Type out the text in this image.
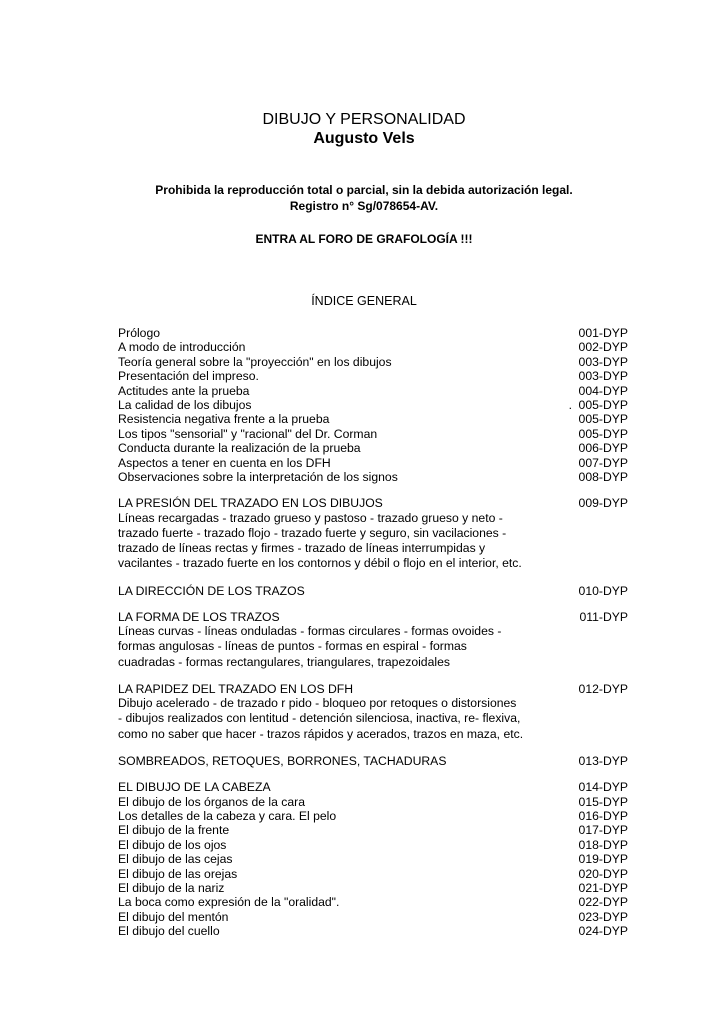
DIBUJO Y PERSONALIDAD
Augusto Vels
Prohibida la reproducción total o parcial, sin la debida autorización legal.
Registro n° Sg/078654-AV.
ENTRA AL FORO DE GRAFOLOGÍA !!!
ÍNDICE GENERAL
Prólogo	001-DYP
A modo de introducción	002-DYP
Teoría general sobre la "proyección" en los dibujos	003-DYP
Presentación del impreso.	003-DYP
Actitudes ante la prueba	004-DYP
La calidad de los dibujos	. 005-DYP
Resistencia negativa frente a la prueba	005-DYP
Los tipos "sensorial" y "racional" del Dr. Corman	005-DYP
Conducta durante la realización de la prueba	006-DYP
Aspectos a tener en cuenta en los DFH	007-DYP
Observaciones sobre la interpretación de los signos	008-DYP
LA PRESIÓN DEL TRAZADO EN LOS DIBUJOS	009-DYP
Líneas recargadas - trazado grueso y pastoso - trazado grueso y neto -
trazado fuerte - trazado flojo - trazado fuerte y seguro, sin vacilaciones -
trazado de líneas rectas y firmes - trazado de líneas interrumpidas y
vacilantes - trazado fuerte en los contornos y débil o flojo en el interior, etc.
LA DIRECCIÓN DE LOS TRAZOS	010-DYP
LA FORMA DE LOS TRAZOS	011-DYP
Líneas curvas - líneas onduladas - formas circulares - formas ovoides -
formas angulosas - líneas de puntos - formas en espiral - formas
cuadradas - formas rectangulares, triangulares, trapezoidales
LA RAPIDEZ DEL TRAZADO EN LOS DFH	012-DYP
Dibujo acelerado - de trazado r pido - bloqueo por retoques o distorsiones
- dibujos realizados con lentitud - detención silenciosa, inactiva, re- flexiva,
como no saber que hacer - trazos rápidos y acerados, trazos en maza, etc.
SOMBREADOS, RETOQUES, BORRONES, TACHADURAS	013-DYP
EL DIBUJO DE LA CABEZA	014-DYP
El dibujo de los órganos de la cara	015-DYP
Los detalles de la cabeza y cara. El pelo	016-DYP
El dibujo de la frente	017-DYP
El dibujo de los ojos	018-DYP
El dibujo de las cejas	019-DYP
El dibujo de las orejas	020-DYP
El dibujo de la nariz	021-DYP
La boca como expresión de la "oralidad".	022-DYP
El dibujo del mentón	023-DYP
El dibujo del cuello	024-DYP
